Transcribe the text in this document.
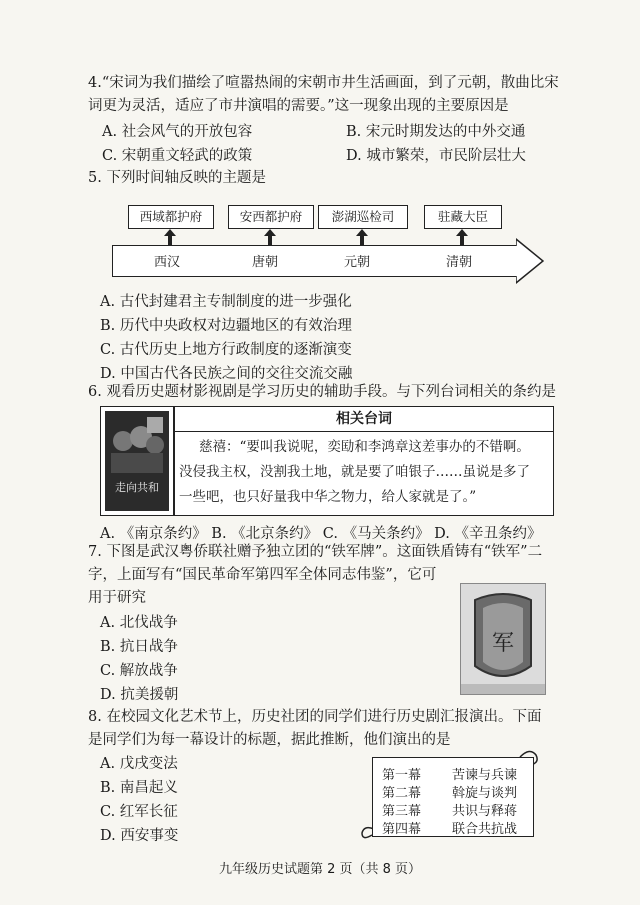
4.“宋词为我们描绘了喧嚣热闹的宋朝市井生活画面，到了元朝，散曲比宋
词更为灵活，适应了市井演唱的需要。”这一现象出现的主要原因是
A. 社会风气的开放包容	B. 宋元时期发达的中外交通
C. 宋朝重文轻武的政策	D. 城市繁荣，市民阶层壮大
5. 下列时间轴反映的主题是
西域都护府	安西都护府	澎湖巡检司	驻藏大臣
西汉	唐朝	元朝	清朝
A. 古代封建君主专制制度的进一步强化
B. 历代中央政权对边疆地区的有效治理
C. 古代历史上地方行政制度的逐渐演变
D. 中国古代各民族之间的交往交流交融
6. 观看历史题材影视剧是学习历史的辅助手段。与下列台词相关的条约是
走向共和
相关台词
慈禧：“要叫我说呢，奕劻和李鸿章这差事办的不错啊。
没侵我主权，没割我土地，就是要了咱银子……虽说是多了
一些吧，也只好量我中华之物力，给人家就是了。”
A. 《南京条约》 B. 《北京条约》 C. 《马关条约》 D. 《辛丑条约》
7. 下图是武汉粤侨联社赠予独立团的“铁军牌”。这面铁盾铸有“铁军”二
字，上面写有“国民革命军第四军全体同志伟鉴”，它可
用于研究
军
A. 北伐战争
B. 抗日战争
C. 解放战争
D. 抗美援朝
8. 在校园文化艺术节上，历史社团的同学们进行历史剧汇报演出。下面
是同学们为每一幕设计的标题，据此推断，他们演出的是
A. 戊戌变法
B. 南昌起义
C. 红军长征
D. 西安事变
第一幕 苦谏与兵谏
第二幕 斡旋与谈判
第三幕 共识与释蒋
第四幕 联合共抗战
九年级历史试题第 2 页（共 8 页）
